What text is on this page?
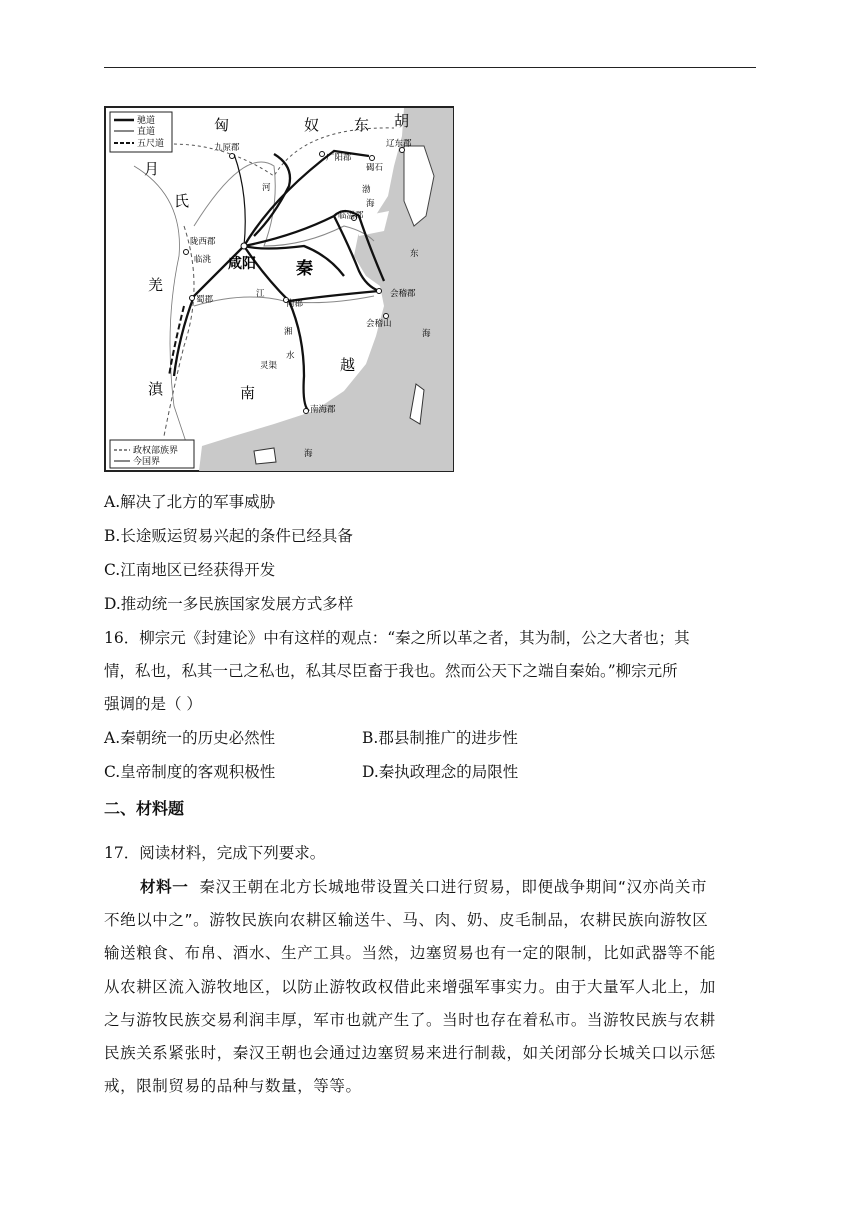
驰道
直道
五尺道
政权部族界
今国界
匈	奴 东 胡
月
氏
羌
滇	南
越
秦
咸阳
九原郡
广阳郡
碣石
辽东郡
陇西郡
临洮
临淄郡
蜀郡	南郡
会稽郡
会稽山
南海郡
河
江
灵渠
湘
水
渤
海
东
海
海
A.解决了北方的军事威胁
B.长途贩运贸易兴起的条件已经具备
C.江南地区已经获得开发
D.推动统一多民族国家发展方式多样
16．柳宗元《封建论》中有这样的观点：“秦之所以革之者，其为制，公之大者也；其
情，私也，私其一己之私也，私其尽臣畜于我也。然而公天下之端自秦始。”柳宗元所
强调的是（ ）
A.秦朝统一的历史必然性	B.郡县制推广的进步性
C.皇帝制度的客观积极性	D.秦执政理念的局限性
二、材料题
17．阅读材料，完成下列要求。
材料一 秦汉王朝在北方长城地带设置关口进行贸易，即便战争期间“汉亦尚关市
不绝以中之”。游牧民族向农耕区输送牛、马、肉、奶、皮毛制品，农耕民族向游牧区
输送粮食、布帛、酒水、生产工具。当然，边塞贸易也有一定的限制，比如武器等不能
从农耕区流入游牧地区，以防止游牧政权借此来增强军事实力。由于大量军人北上，加
之与游牧民族交易利润丰厚，军市也就产生了。当时也存在着私市。当游牧民族与农耕
民族关系紧张时，秦汉王朝也会通过边塞贸易来进行制裁，如关闭部分长城关口以示惩
戒，限制贸易的品种与数量，等等。
